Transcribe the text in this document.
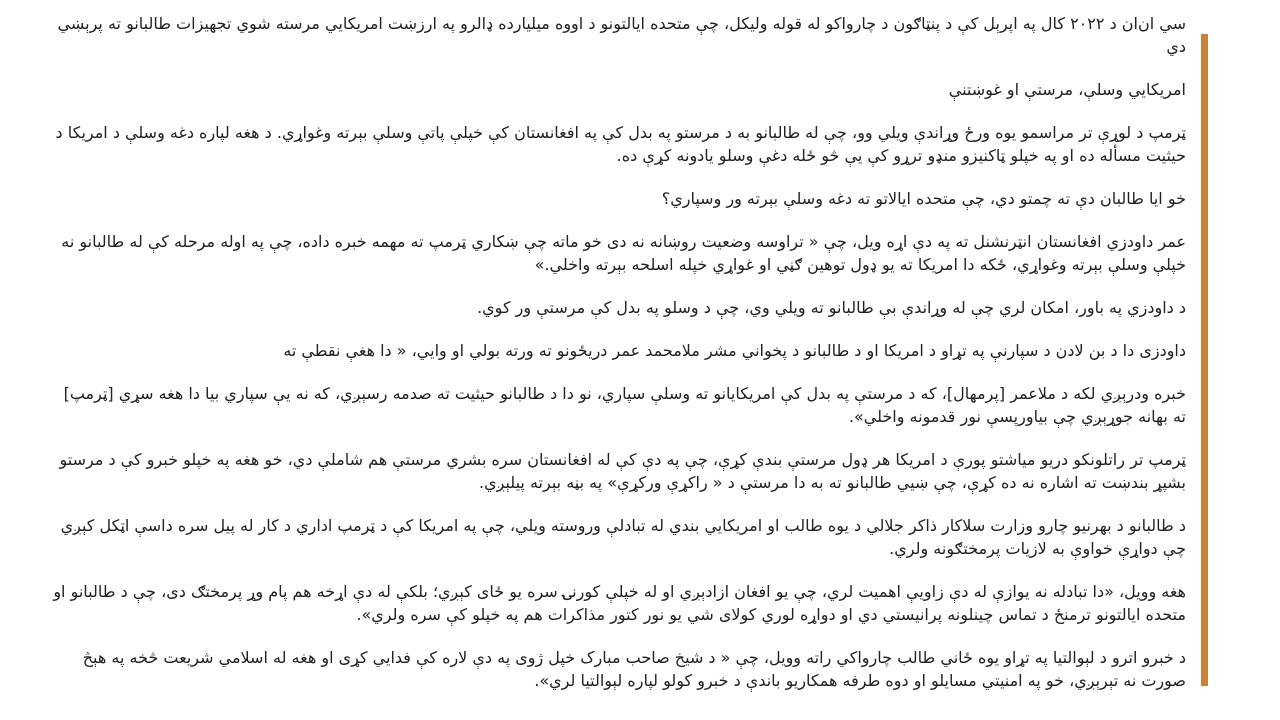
سي ان‌ان د ۲۰۲۲ کال په اپرېل کې د پنټاګون د چارواکو له قوله ولیکل، چې متحده ایالتونو د اووه میلیارده ډالرو په ارزښت امریکایي مرسته شوي تجهیزات طالبانو ته پرېښي دي

امریکایي وسلې، مرستې او غوښتنې

ټرمپ د لوړې تر مراسمو یوه ورځ وړاندې ویلي وو، چې له طالبانو به د مرستو په بدل کې په افغانستان کې خپلې پاتې وسلې بېرته وغواړي. د هغه لپاره دغه وسلې د امریکا د حیثیت مسأله ده او په خپلو ټاکنیزو منډو ترړو کې یې څو ځله دغې وسلو یادونه کړې ده.

خو ایا طالبان دې ته چمتو دي، چې متحده ایالاتو ته دغه وسلې بېرته ور وسپاري؟

عمر داودزي افغانستان انټرنشنل ته په دې اړه ویل، چې « تراوسه وضعیت روښانه نه دی خو ماته چې ښکاري ټرمپ ته مهمه خبره داده، چې په اوله مرحله کې له طالبانو نه خپلې وسلې بېرته وغواړي، ځکه دا امریکا ته یو ډول توهین ګڼي او غواړي خپله اسلحه بېرته واخلي.»

د داودزي په باور، امکان لري چې له وړاندې بې طالبانو ته ویلي وي، چې د وسلو په بدل کې مرستې ور کوي.

داودزی دا د بن لادن د سپارنې په تړاو د امریکا او د طالبانو د پخواني مشر ملامحمد عمر دریځونو ته ورته بولي او وايي، « دا هغې نقطې ته

خبره ودرېږي لکه د ملاعمر [پرمهال]، که د مرستې په بدل کې امریکایانو ته وسلې سپاري، نو دا د طالبانو حیثیت ته صدمه رسېږي، که نه يې سپاري بیا دا هغه سړي [ټرمپ] ته بهانه جوړېږي چې بیاورپسې نور قدمونه واخلي».

ټرمپ تر راتلونکو دریو میاشتو پورې د امریکا هر ډول مرستې بندې کړې، چې په دې کې له افغانستان سره بشري مرستې هم شاملې دي، خو هغه په خپلو خبرو کې د مرستو بشپړ بندښت ته اشاره نه ده کړې، چې ښیي طالبانو ته به دا مرستې د « راکړې ورکړې» په بڼه بېرته پیلېږي.

د طالبانو د بهرنیو چارو وزارت سلاکار ذاکر جلالي د یوه طالب او امریکایي بندي له تبادلې وروسته ویلي، چې په امریکا کې د ټرمپ اداري د کار له پیل سره داسې اټکل کېږي چې دواړې خواوې به لازیات پرمختګونه ولري.

هغه وویل، «دا تبادله نه یوازې له دې زاويې اهمیت لري، چې یو افغان ازادېږي او له خپلې کورنۍ سره یو ځای کېږي؛ بلکې له دې اړخه هم پام وړ پرمختګ دی، چې د طالبانو او متحده ایالتونو ترمنځ د تماس چینلونه پرانیستي دي او دواړه لوري کولای شي یو نور کتور مذاکرات هم په خپلو کې سره ولري».

د خبرو اترو د لېوالتیا په تړاو یوه ځاني طالب چارواکي راته وویل، چې « د شیخ صاحب مبارک خپل ژوی په دې لاره کې فدایي کړی او هغه له اسلامي شریعت څخه په هېڅ صورت نه تېرېږي، خو په امنیتي مسایلو او دوه طرفه همکاریو باندې د خبرو کولو لپاره لېوالتیا لري».
